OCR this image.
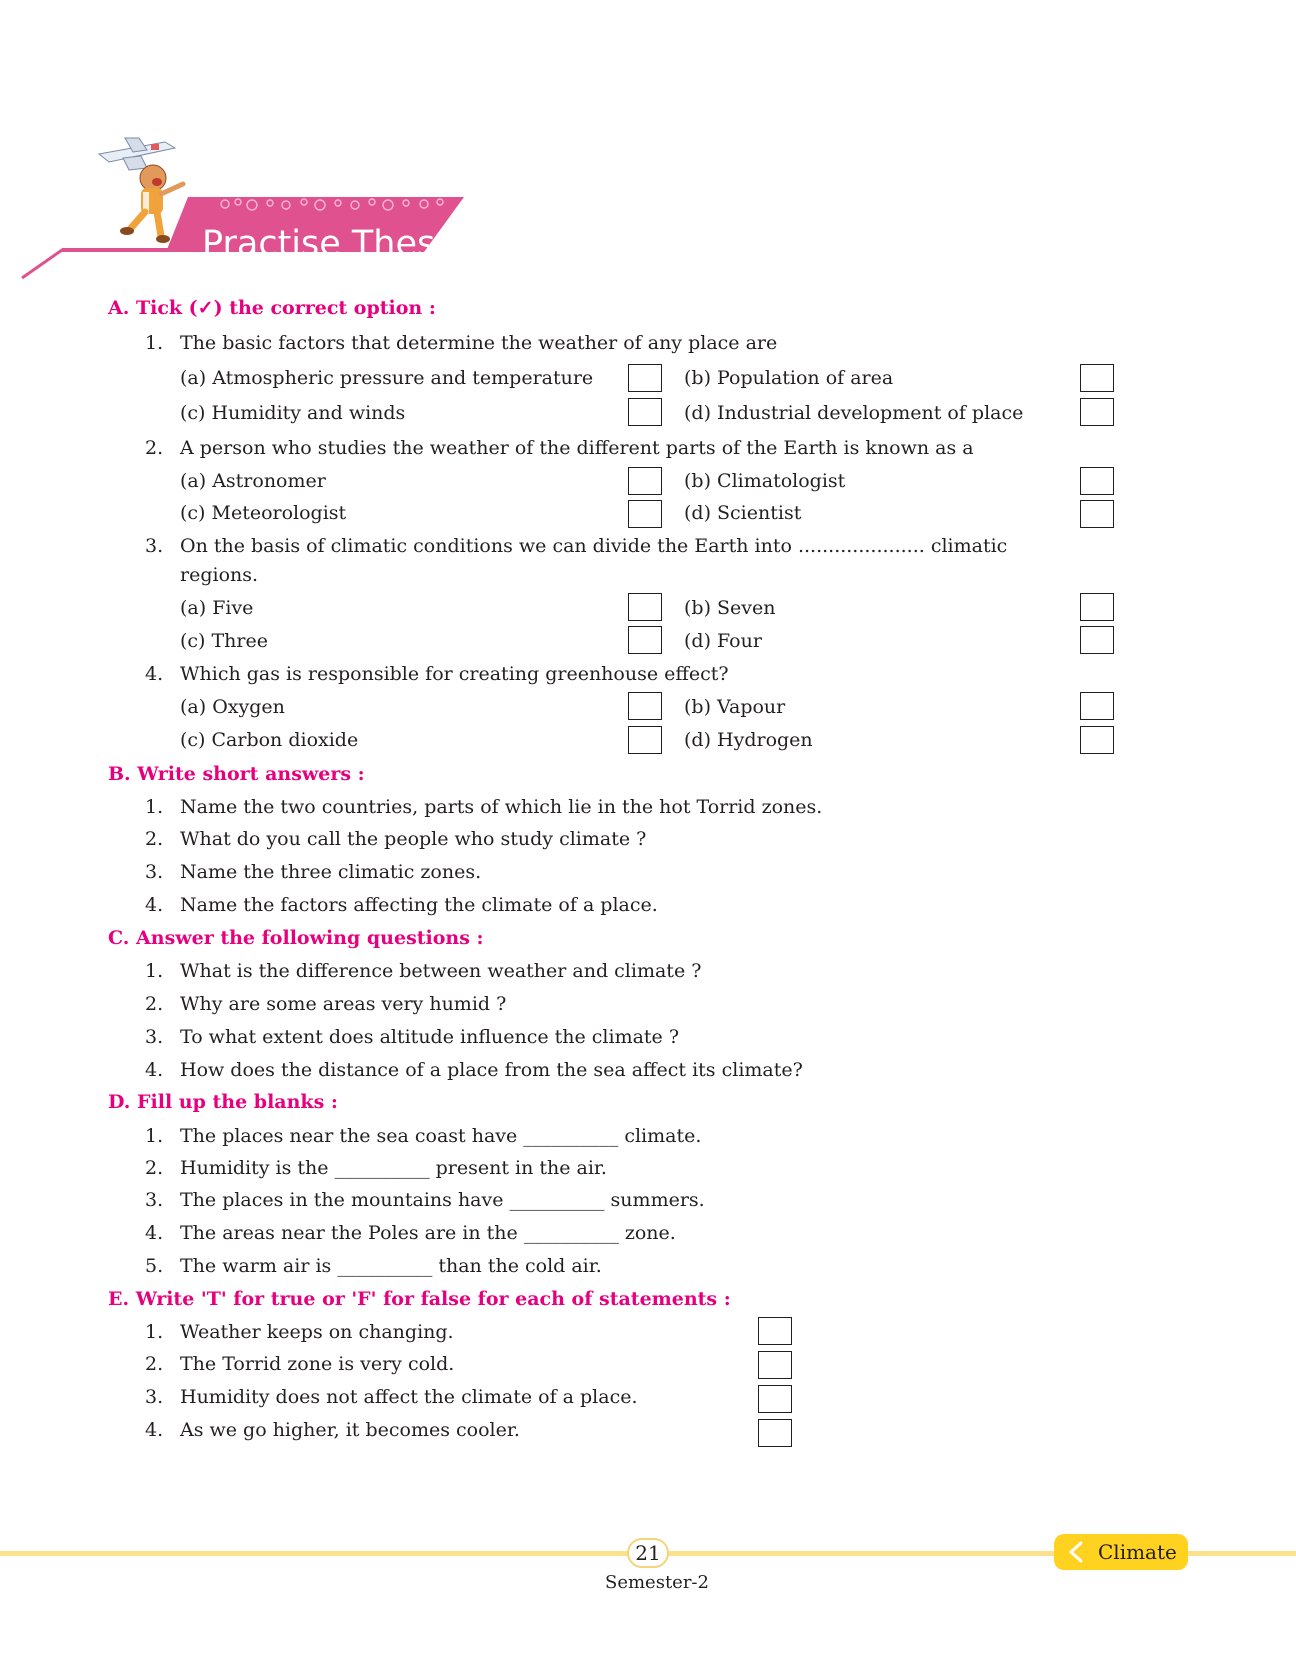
Practise These
A. Tick (✓) the correct option :
1. The basic factors that determine the weather of any place are
(a) Atmospheric pressure and temperature	(b) Population of area
(c) Humidity and winds	(d) Industrial development of place
2. A person who studies the weather of the different parts of the Earth is known as a
(a) Astronomer	(b) Climatologist
(c) Meteorologist	(d) Scientist
3. On the basis of climatic conditions we can divide the Earth into ..................... climatic
regions.
(a) Five	(b) Seven
(c) Three	(d) Four
4. Which gas is responsible for creating greenhouse effect?
(a) Oxygen	(b) Vapour
(c) Carbon dioxide	(d) Hydrogen
B. Write short answers :
1. Name the two countries, parts of which lie in the hot Torrid zones.
2. What do you call the people who study climate ?
3. Name the three climatic zones.
4. Name the factors affecting the climate of a place.
C. Answer the following questions :
1. What is the difference between weather and climate ?
2. Why are some areas very humid ?
3. To what extent does altitude influence the climate ?
4. How does the distance of a place from the sea affect its climate?
D. Fill up the blanks :
1. The places near the sea coast have __________ climate.
2. Humidity is the __________ present in the air.
3. The places in the mountains have __________ summers.
4. The areas near the Poles are in the __________ zone.
5. The warm air is __________ than the cold air.
E. Write 'T' for true or 'F' for false for each of statements :
1. Weather keeps on changing.
2. The Torrid zone is very cold.
3. Humidity does not affect the climate of a place.
4. As we go higher, it becomes cooler.
21
Semester-2
Climate
